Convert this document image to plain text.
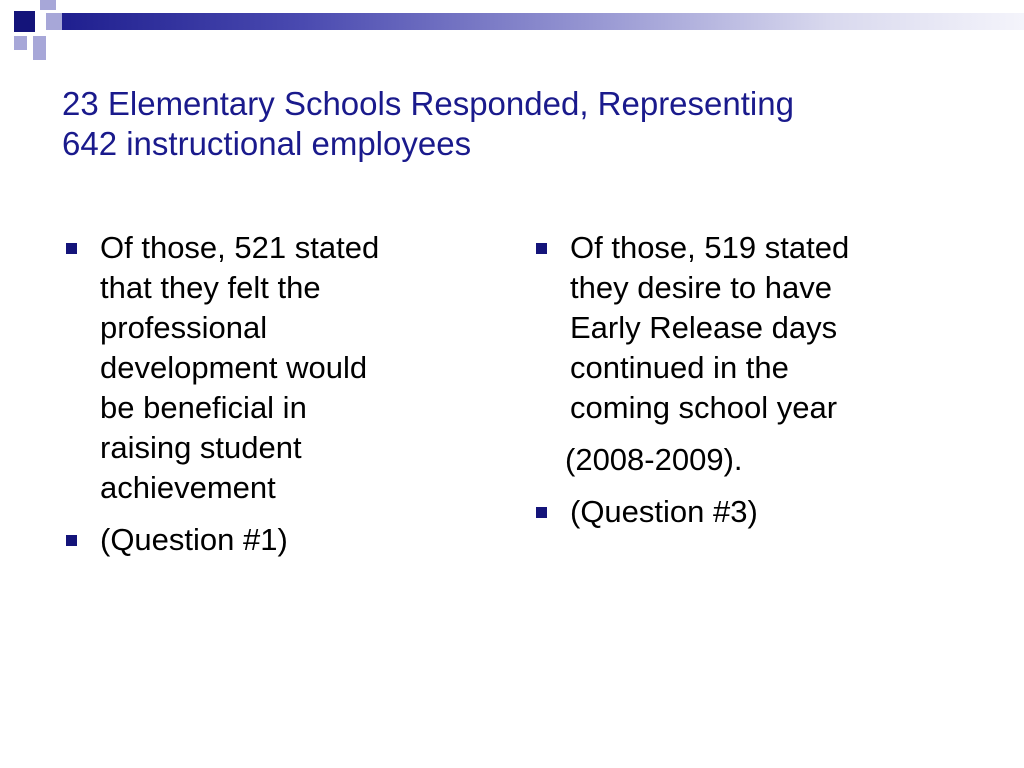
23 Elementary Schools Responded, Representing
642 instructional employees
Of those, 521 stated
that they felt the
professional
development would
be beneficial in
raising student
achievement
(Question #1)
Of those, 519 stated
they desire to have
Early Release days
continued in the
coming school year
(2008-2009).
(Question #3)
